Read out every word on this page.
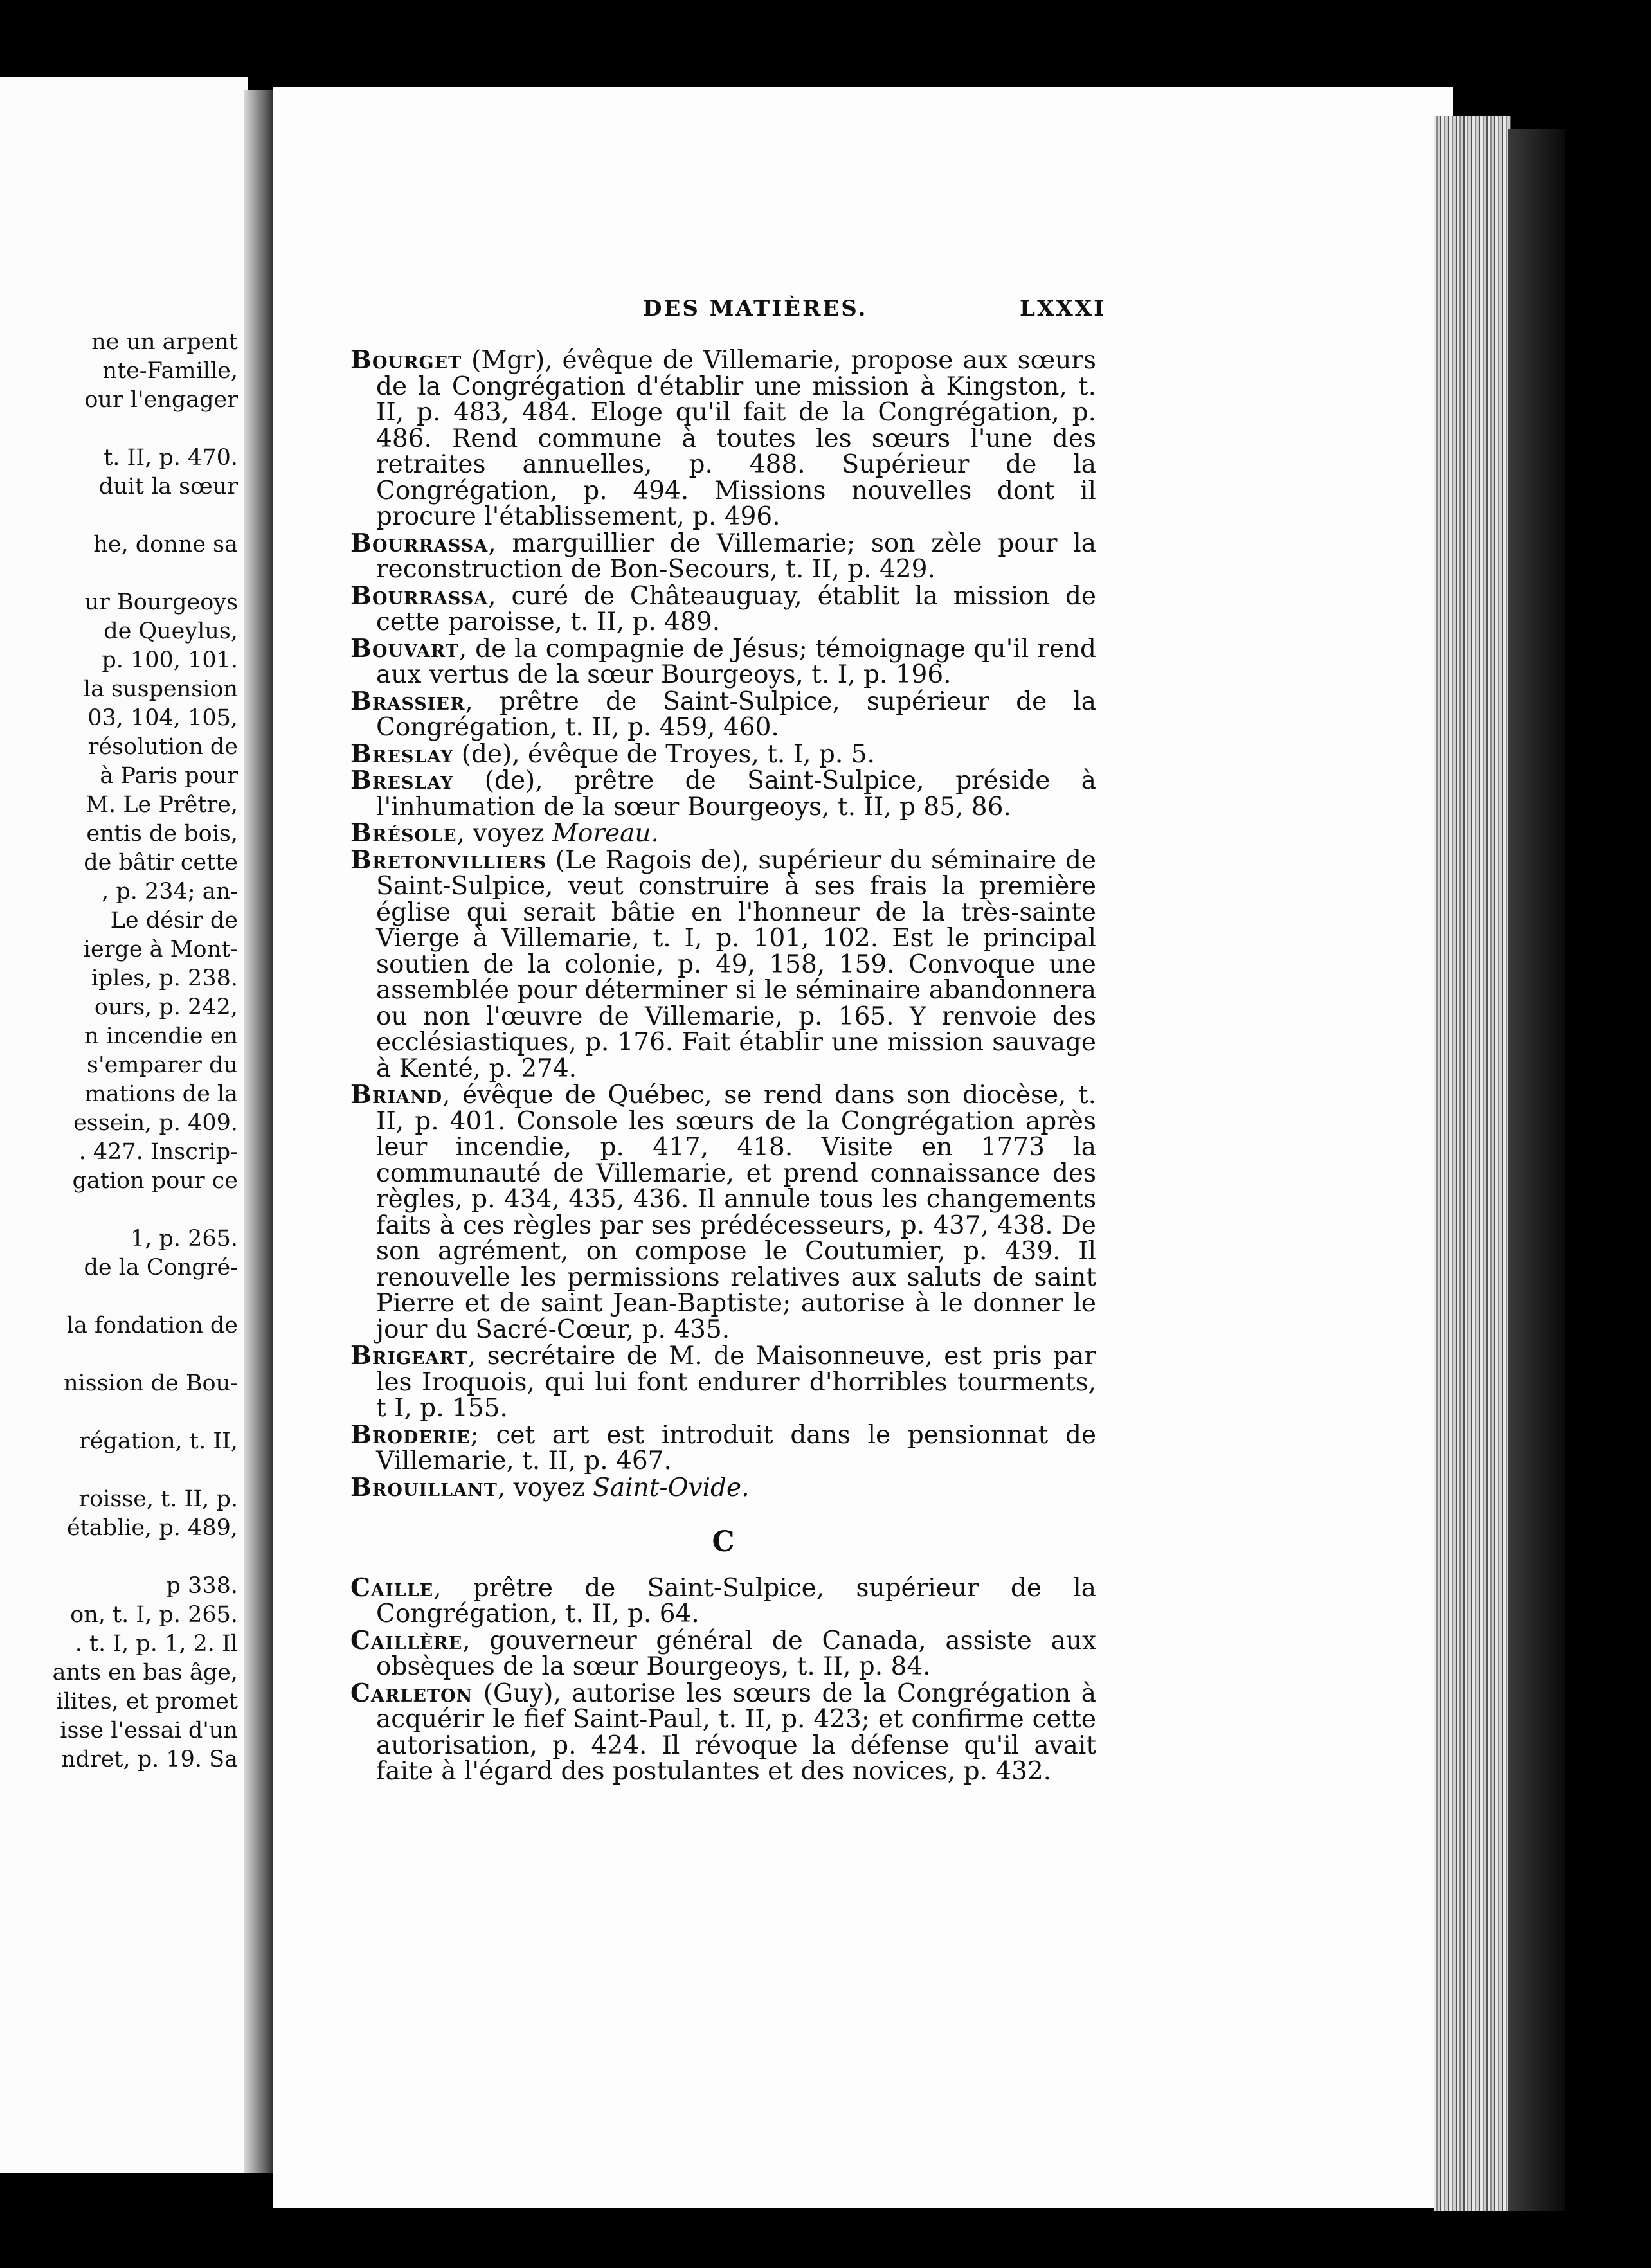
ne un arpent
nte-Famille,
our l'engager
t. II, p. 470.
duit la sœur
he, donne sa
ur Bourgeoys
de Queylus,
p. 100, 101.
la suspension
03, 104, 105,
résolution de
à Paris pour
M. Le Prêtre,
entis de bois,
de bâtir cette
, p. 234; an-
Le désir de
ierge à Mont-
iples, p. 238.
ours, p. 242,
n incendie en
s'emparer du
mations de la
essein, p. 409.
. 427. Inscrip-
gation pour ce
1, p. 265.
de la Congré-
la fondation de
nission de Bou-
régation, t. II,
roisse, t. II, p.
établie, p. 489,
p 338.
on, t. I, p. 265.
. t. I, p. 1, 2. Il
ants en bas âge,
ilites, et promet
isse l'essai d'un
ndret, p. 19. Sa
DES MATIÈRES.	LXXXI

Bourget (Mgr), évêque de Villemarie, propose aux sœurs de la Congrégation d'établir une mission à Kingston, t. II, p. 483, 484. Eloge qu'il fait de la Congrégation, p. 486. Rend commune à toutes les sœurs l'une des retraites annuelles, p. 488. Supérieur de la Congrégation, p. 494. Missions nouvelles dont il procure l'établissement, p. 496.

Bourrassa, marguillier de Villemarie; son zèle pour la reconstruction de Bon-Secours, t. II, p. 429.

Bourrassa, curé de Châteauguay, établit la mission de cette paroisse, t. II, p. 489.

Bouvart, de la compagnie de Jésus; témoignage qu'il rend aux vertus de la sœur Bourgeoys, t. I, p. 196.

Brassier, prêtre de Saint-Sulpice, supérieur de la Congrégation, t. II, p. 459, 460.

Breslay (de), évêque de Troyes, t. I, p. 5.

Breslay (de), prêtre de Saint-Sulpice, préside à l'inhumation de la sœur Bourgeoys, t. II, p 85, 86.

Brésole, voyez Moreau.

Bretonvilliers (Le Ragois de), supérieur du séminaire de Saint-Sulpice, veut construire à ses frais la première église qui serait bâtie en l'honneur de la très-sainte Vierge à Villemarie, t. I, p. 101, 102. Est le principal soutien de la colonie, p. 49, 158, 159. Convoque une assemblée pour déterminer si le séminaire abandonnera ou non l'œuvre de Villemarie, p. 165. Y renvoie des ecclésiastiques, p. 176. Fait établir une mission sauvage à Kenté, p. 274.

Briand, évêque de Québec, se rend dans son diocèse, t. II, p. 401. Console les sœurs de la Congrégation après leur incendie, p. 417, 418. Visite en 1773 la communauté de Villemarie, et prend connaissance des règles, p. 434, 435, 436. Il annule tous les changements faits à ces règles par ses prédécesseurs, p. 437, 438. De son agrément, on compose le Coutumier, p. 439. Il renouvelle les permissions relatives aux saluts de saint Pierre et de saint Jean-Baptiste; autorise à le donner le jour du Sacré-Cœur, p. 435.

Brigeart, secrétaire de M. de Maisonneuve, est pris par les Iroquois, qui lui font endurer d'horribles tourments, t I, p. 155.

Broderie; cet art est introduit dans le pensionnat de Villemarie, t. II, p. 467.

Brouillant, voyez Saint-Ovide.

C

Caille, prêtre de Saint-Sulpice, supérieur de la Congrégation, t. II, p. 64.

Caillère, gouverneur général de Canada, assiste aux obsèques de la sœur Bourgeoys, t. II, p. 84.

Carleton (Guy), autorise les sœurs de la Congrégation à acquérir le fief Saint-Paul, t. II, p. 423; et confirme cette autorisation, p. 424. Il révoque la défense qu'il avait faite à l'égard des postulantes et des novices, p. 432.
